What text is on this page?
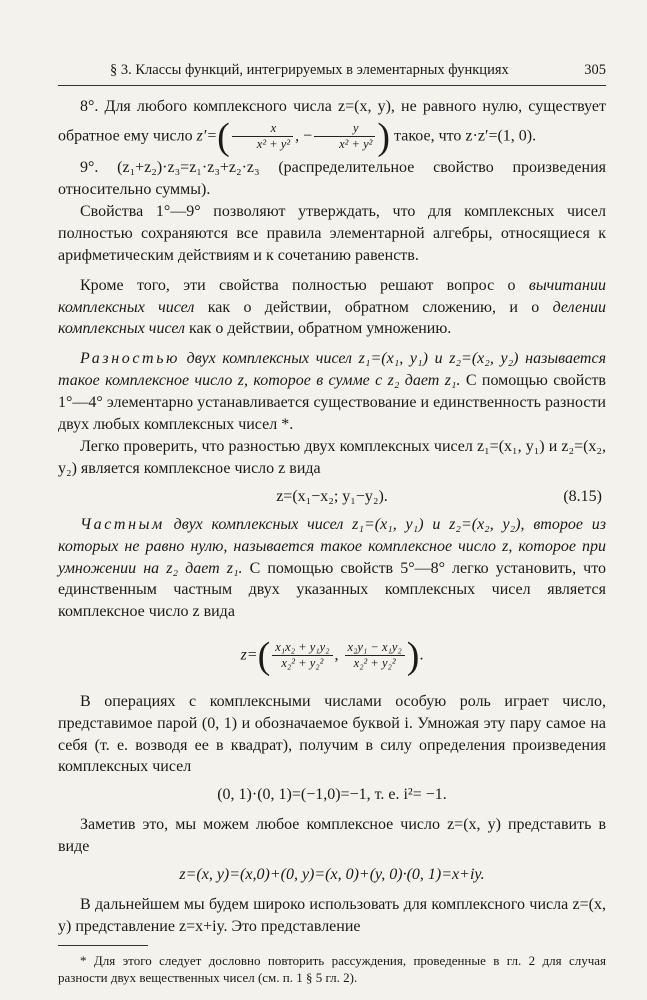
§ 3. Классы функций, интегрируемых в элементарных функциях	305

8°. Для любого комплексного числа z=(x, y), не равного нулю, существует обратное ему число $z'=( \frac{x}{\text{x² + y²}}$ , − $\frac{y}{\text{x² + y²}}$ ) такое, что z·z′=(1, 0).

9°. (z₁+z₂)·z₃=z₁·z₃+z₂·z₃ (распределительное свойство произведения относительно суммы).

Свойства 1°—9° позволяют утверждать, что для комплексных чисел полностью сохраняются все правила элементарной алгебры, относящиеся к арифметическим действиям и к сочетанию равенств.

Кроме того, эти свойства полностью решают вопрос о вычитании комплексных чисел как о действии, обратном сложению, и о делении комплексных чисел как о действии, обратном умножению.

Разностью двух комплексных чисел z₁=(x₁, y₁) и z₂=(x₂, y₂) называется такое комплексное число z, которое в сумме с z₂ дает z₁. С помощью свойств 1°—4° элементарно устанавливается существование и единственность разности двух любых комплексных чисел *.

Легко проверить, что разностью двух комплексных чисел z₁=(x₁, y₁) и z₂=(x₂, y₂) является комплексное число z вида

z=(x₁−x₂; y₁−y₂).	(8.15)

Частным двух комплексных чисел z₁=(x₁, y₁) и z₂=(x₂, y₂), второе из которых не равно нулю, называется такое комплексное число z, которое при умножении на z₂ дает z₁. С помощью свойств 5°—8° легко установить, что единственным частным двух указанных комплексных чисел является комплексное число z вида

$z=( \frac{\text{x₁x₂ + y₁y₂}}{\text{x₂² + y₂²}}$ , $\frac{\text{x₂y₁ − x₁y₂}}{\text{x₂² + y₂²}}$ ).

В операциях с комплексными числами особую роль играет число, представимое парой (0, 1) и обозначаемое буквой i. Умножая эту пару самое на себя (т. е. возводя ее в квадрат), получим в силу определения произведения комплексных чисел

(0, 1)·(0, 1)=(−1,0)=−1, т. е. i²= −1.

Заметив это, мы можем любое комплексное число z=(x, y) представить в виде

z=(x, y)=(x,0)+(0, y)=(x, 0)+(y, 0)·(0, 1)=x+iy.

В дальнейшем мы будем широко использовать для комплексного числа z=(x, y) представление z=x+iy. Это представление

* Для этого следует дословно повторить рассуждения, проведенные в гл. 2 для случая разности двух вещественных чисел (см. п. 1 § 5 гл. 2).
